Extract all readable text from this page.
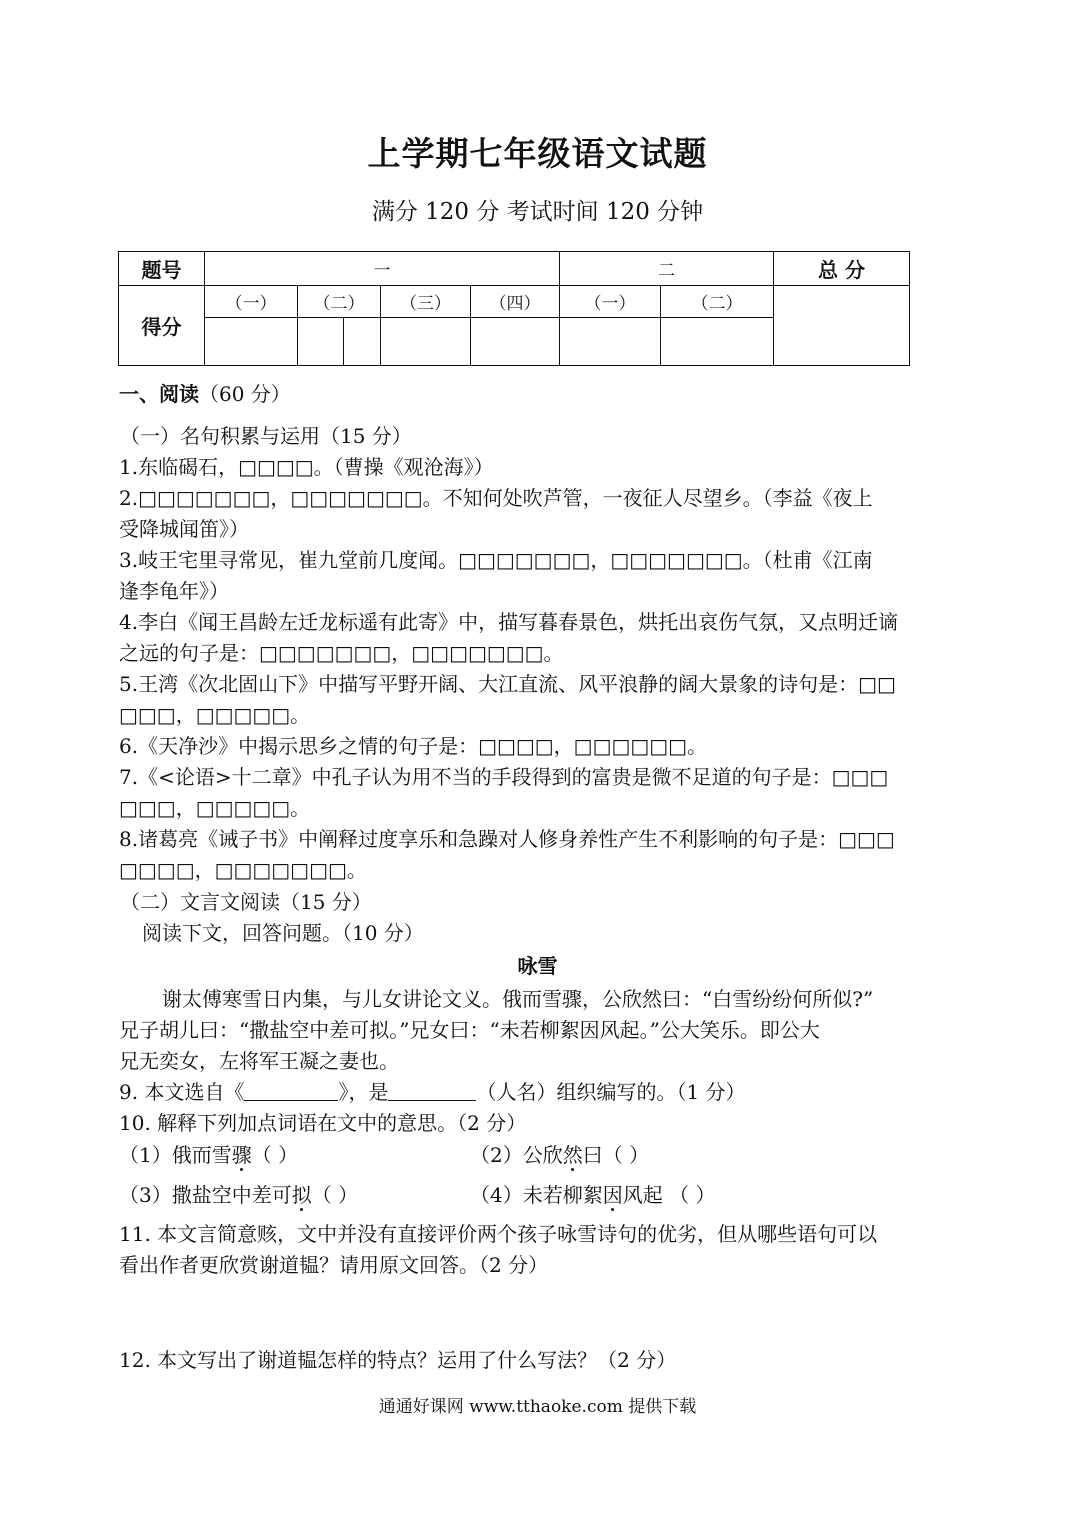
上学期七年级语文试题
满分 120 分 考试时间 120 分钟
题号	一				二		总 分
得分	（一）	（二）	（三）	（四）	（一）	（二）	

一、阅读（60 分）
（一）名句积累与运用（15 分）
1.东临碣石，□□□□。（曹操《观沧海》）
2.□□□□□□□，□□□□□□□。不知何处吹芦管，一夜征人尽望乡。（李益《夜上
受降城闻笛》）
3.岐王宅里寻常见，崔九堂前几度闻。□□□□□□□，□□□□□□□。（杜甫《江南
逢李龟年》）
4.李白《闻王昌龄左迁龙标遥有此寄》中，描写暮春景色，烘托出哀伤气氛，又点明迁谪
之远的句子是：□□□□□□□，□□□□□□□。
5.王湾《次北固山下》中描写平野开阔、大江直流、风平浪静的阔大景象的诗句是：□□
□□□，□□□□□。
6.《天净沙》中揭示思乡之情的句子是：□□□□，□□□□□□。
7.《<论语>十二章》中孔子认为用不当的手段得到的富贵是微不足道的句子是：□□□
□□□，□□□□□。
8.诸葛亮《诫子书》中阐释过度享乐和急躁对人修身养性产生不利影响的句子是：□□□
□□□□，□□□□□□□。
（二）文言文阅读（15 分）
阅读下文，回答问题。（10 分）
咏雪
谢太傅寒雪日内集，与儿女讲论文义。俄而雪骤，公欣然曰：“白雪纷纷何所似?”
兄子胡儿曰：“撒盐空中差可拟。”兄女曰：“未若柳絮因风起。”公大笑乐。即公大
兄无奕女，左将军王凝之妻也。
9. 本文选自《	》，是	（人名）组织编写的。（1 分）
10. 解释下列加点词语在文中的意思。（2 分）
（1）俄而雪骤（ ）	（2）公欣然曰（ ）
（3）撒盐空中差可拟（ ）	（4）未若柳絮因风起 （ ）
11. 本文言简意赅，文中并没有直接评价两个孩子咏雪诗句的优劣，但从哪些语句可以
看出作者更欣赏谢道韫？请用原文回答。（2 分）
12. 本文写出了谢道韫怎样的特点？运用了什么写法？（2 分）
通通好课网 www.tthaoke.com 提供下载
